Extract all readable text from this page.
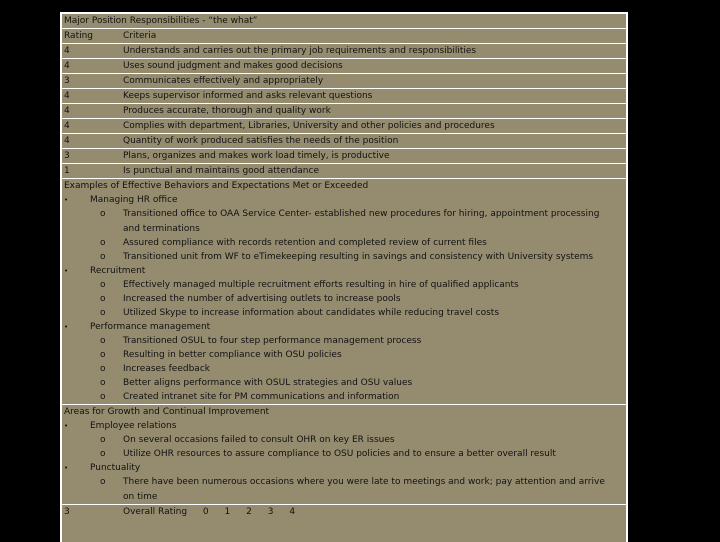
Major Position Responsibilities - “the what”
Rating	Criteria
4	Understands and carries out the primary job requirements and responsibilities
4	Uses sound judgment and makes good decisions
3	Communicates effectively and appropriately
4	Keeps supervisor informed and asks relevant questions
4	Produces accurate, thorough and quality work
4	Complies with department, Libraries, University and other policies and procedures
4	Quantity of work produced satisfies the needs of the position
3	Plans, organizes and makes work load timely, is productive
1	Is punctual and maintains good attendance
Examples of Effective Behaviors and Expectations Met or Exceeded
• Managing HR office
o Transitioned office to OAA Service Center- established new procedures for hiring, appointment processing and terminations
o Assured compliance with records retention and completed review of current files
o Transitioned unit from WF to eTimekeeping resulting in savings and consistency with University systems
• Recruitment
o Effectively managed multiple recruitment efforts resulting in hire of qualified applicants
o Increased the number of advertising outlets to increase pools
o Utilized Skype to increase information about candidates while reducing travel costs
• Performance management
o Transitioned OSUL to four step performance management process
o Resulting in better compliance with OSU policies
o Increases feedback
o Better aligns performance with OSUL strategies and OSU values
o Created intranet site for PM communications and information
Areas for Growth and Continual Improvement
• Employee relations
o On several occasions failed to consult OHR on key ER issues
o Utilize OHR resources to assure compliance to OSU policies and to ensure a better overall result
• Punctuality
o There have been numerous occasions where you were late to meetings and work; pay attention and arrive on time
3	Overall Rating 0 1 2 3 4
